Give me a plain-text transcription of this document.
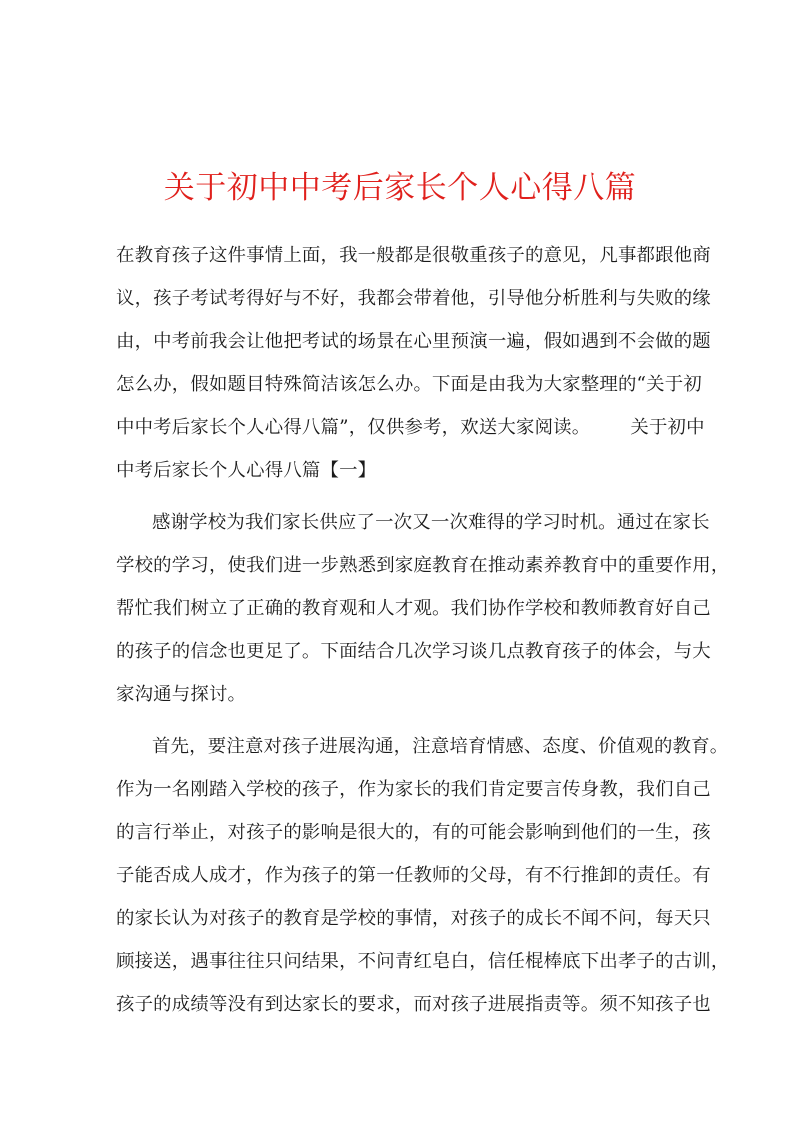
关于初中中考后家长个人心得八篇
在教育孩子这件事情上面，我一般都是很敬重孩子的意见，凡事都跟他商
议，孩子考试考得好与不好，我都会带着他，引导他分析胜利与失败的缘
由，中考前我会让他把考试的场景在心里预演一遍，假如遇到不会做的题
怎么办，假如题目特殊简洁该怎么办。下面是由我为大家整理的“关于初
中中考后家长个人心得八篇”，仅供参考，欢送大家阅读。 关于初中
中考后家长个人心得八篇【一】
感谢学校为我们家长供应了一次又一次难得的学习时机。通过在家长
学校的学习，使我们进一步熟悉到家庭教育在推动素养教育中的重要作用，
帮忙我们树立了正确的教育观和人才观。我们协作学校和教师教育好自己
的孩子的信念也更足了。下面结合几次学习谈几点教育孩子的体会，与大
家沟通与探讨。
首先，要注意对孩子进展沟通，注意培育情感、态度、价值观的教育。
作为一名刚踏入学校的孩子，作为家长的我们肯定要言传身教，我们自己
的言行举止，对孩子的影响是很大的，有的可能会影响到他们的一生，孩
子能否成人成才，作为孩子的第一任教师的父母，有不行推卸的责任。有
的家长认为对孩子的教育是学校的事情，对孩子的成长不闻不问，每天只
顾接送，遇事往往只问结果，不问青红皂白，信任棍棒底下出孝子的古训，
孩子的成绩等没有到达家长的要求，而对孩子进展指责等。须不知孩子也
